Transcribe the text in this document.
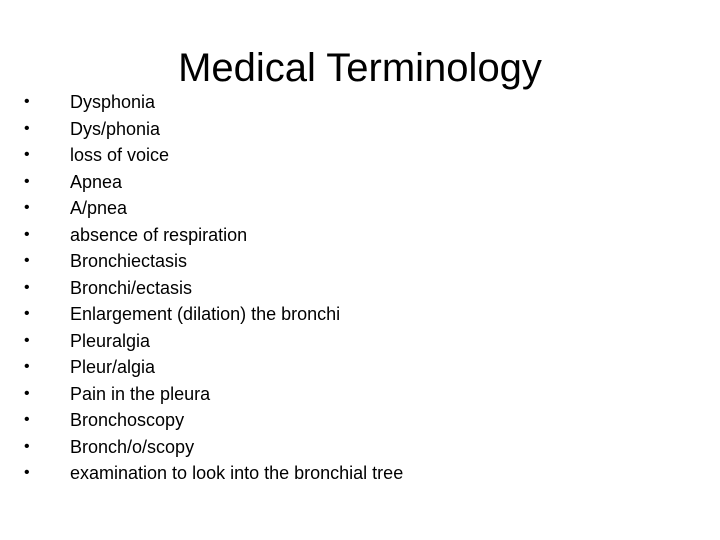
Medical Terminology
•	Dysphonia
•	Dys/phonia
•	loss of voice
•	Apnea
•	A/pnea
•	absence of respiration
•	Bronchiectasis
•	Bronchi/ectasis
•	Enlargement (dilation) the bronchi
•	Pleuralgia
•	Pleur/algia
•	Pain in the pleura
•	Bronchoscopy
•	Bronch/o/scopy
•	examination to look into the bronchial tree
